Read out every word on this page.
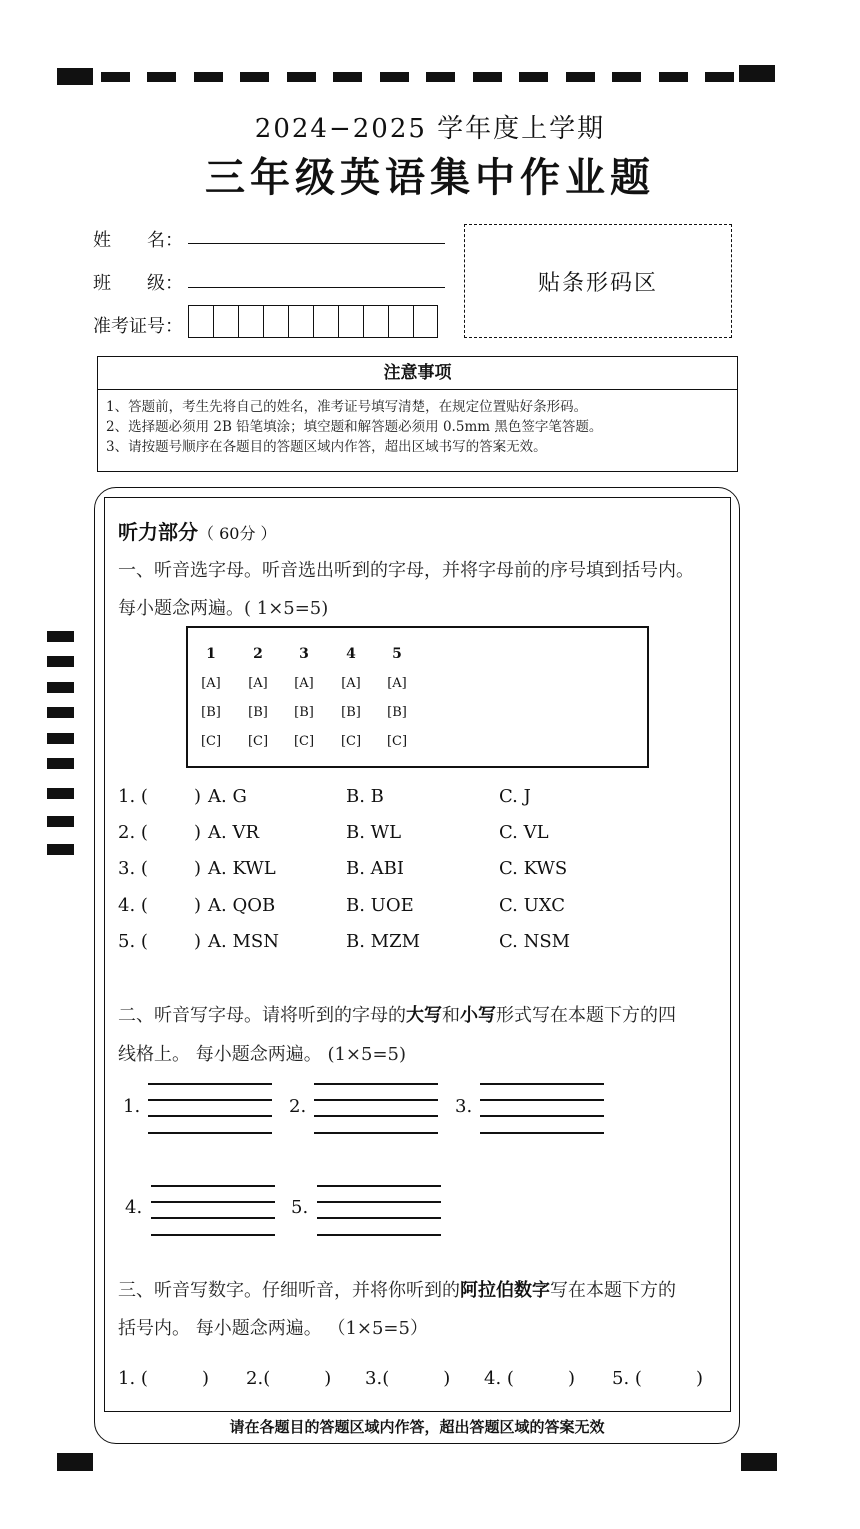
2024−2025 学年度上学期
三年级英语集中作业题
姓　　名：
班　　级：
准考证号：
贴条形码区
注意事项
1、答题前，考生先将自己的姓名，准考证号填写清楚，在规定位置贴好条形码。
2、选择题必须用 2B 铅笔填涂；填空题和解答题必须用 0.5mm 黑色签字笔答题。
3、请按题号顺序在各题目的答题区域内作答，超出区域书写的答案无效。
请在各题目的答题区域内作答，超出答题区域的答案无效
听力部分（ 60分 ）
一、听音选字母。听音选出听到的字母，并将字母前的序号填到括号内。
每小题念两遍。( 1×5=5)
1	2	3	4	5
[A]	[A]	[A]	[A]	[A]
[B]	[B]	[B]	[B]	[B]
[C]	[C]	[C]	[C]	[C]
1. (	) A. G	B. B	C. J
2. (	) A. VR	B. WL	C. VL
3. (	) A. KWL	B. ABI	C. KWS
4. (	) A. QOB	B. UOE	C. UXC
5. (	) A. MSN	B. MZM	C. NSM
二、听音写字母。请将听到的字母的大写和小写形式写在本题下方的四
线格上。 每小题念两遍。 (1×5=5)
1.	2.	3.
4.	5.
三、听音写数字。仔细听音，并将你听到的阿拉伯数字写在本题下方的
括号内。 每小题念两遍。 （1×5=5）
1. (　　　) 2.(　　　) 3.(　　　) 4. (　　　) 5. (　　　)
